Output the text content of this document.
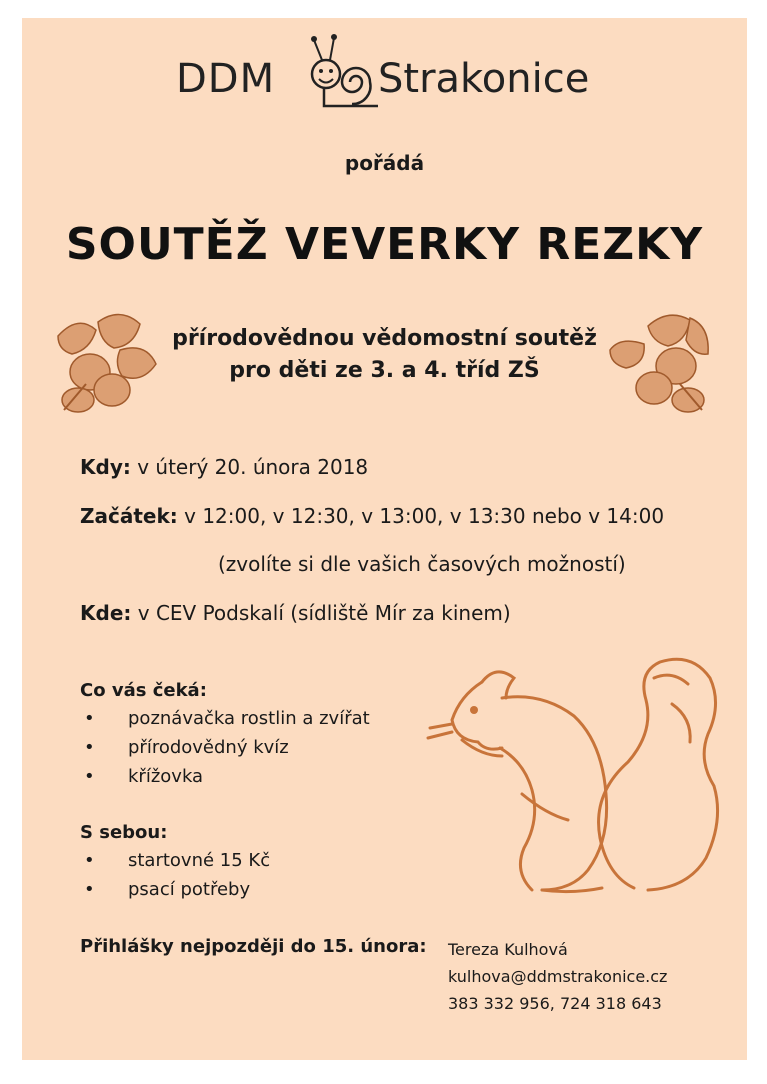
DDM	Strakonice
pořádá
SOUTĚŽ VEVERKY REZKY
přírodovědnou vědomostní soutěž
pro děti ze 3. a 4. tříd ZŠ
Kdy: v úterý 20. února 2018
Začátek: v 12:00, v 12:30, v 13:00, v 13:30 nebo v 14:00
(zvolíte si dle vašich časových možností)
Kde: v CEV Podskalí (sídliště Mír za kinem)
Co vás čeká:
• poznávačka rostlin a zvířat
• přírodovědný kvíz
• křížovka
S sebou:
• startovné 15 Kč
• psací potřeby
Přihlášky nejpozději do 15. února: Tereza Kulhová
kulhova@ddmstrakonice.cz
383 332 956, 724 318 643
